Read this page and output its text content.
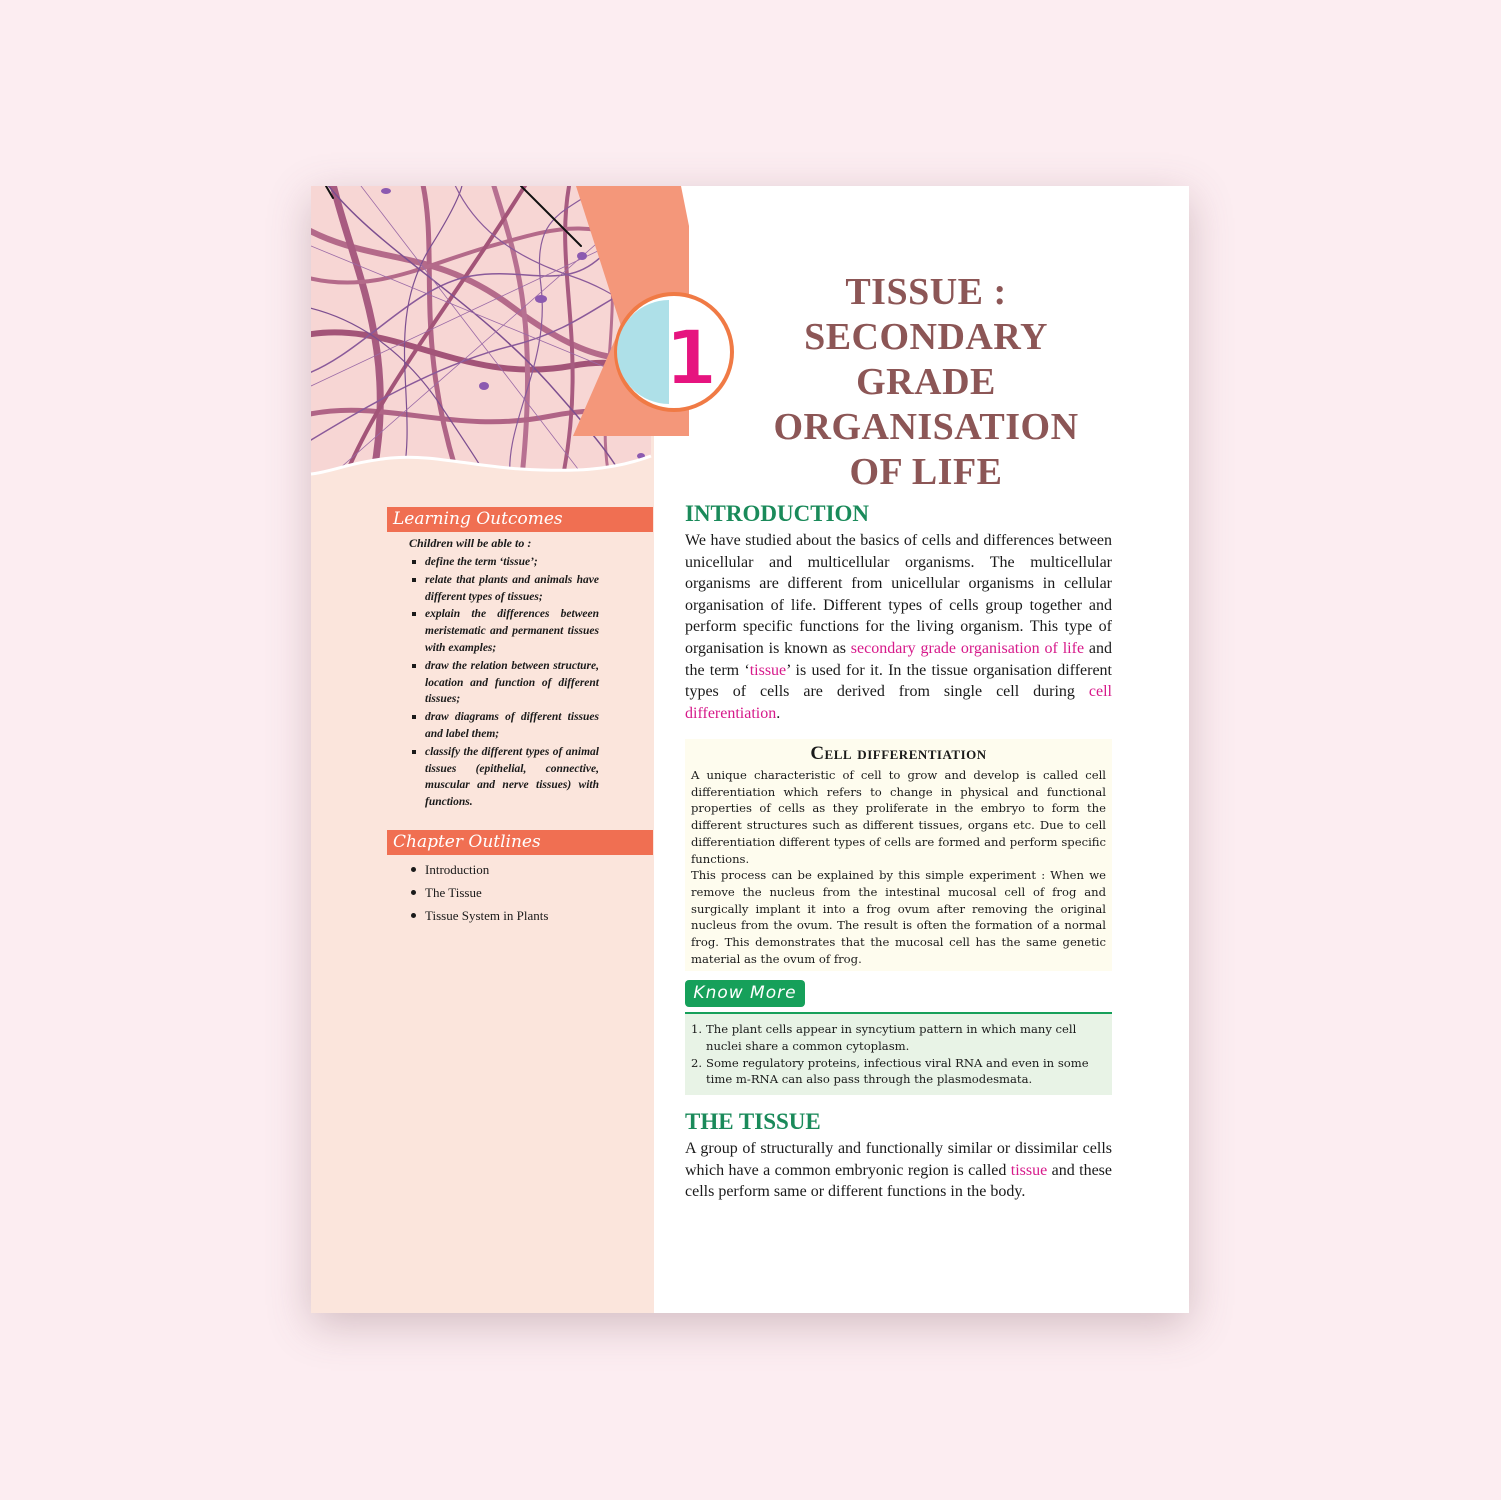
1
TISSUE :
SECONDARY
GRADE
ORGANISATION
OF LIFE
Learning Outcomes
Children will be able to :
define the term ‘tissue’;
relate that plants and animals have different types of tissues;
explain the differences between meristematic and permanent tissues with examples;
draw the relation between structure, location and function of different tissues;
draw diagrams of different tissues and label them;
classify the different types of animal tissues (epithelial, connective, muscular and nerve tissues) with functions.
Chapter Outlines
Introduction
The Tissue
Tissue System in Plants
INTRODUCTION

We have studied about the basics of cells and differences between unicellular and multicellular organisms. The multicellular organisms are different from unicellular organisms in cellular organisation of life. Different types of cells group together and perform specific functions for the living organism. This type of organisation is known as secondary grade organisation of life and the term ‘tissue’ is used for it. In the tissue organisation different types of cells are derived from single cell during cell differentiation.

Cell differentiation

A unique characteristic of cell to grow and develop is called cell differentiation which refers to change in physical and functional properties of cells as they proliferate in the embryo to form the different structures such as different tissues, organs etc. Due to cell differentiation different types of cells are formed and perform specific functions.

This process can be explained by this simple experiment : When we remove the nucleus from the intestinal mucosal cell of frog and surgically implant it into a frog ovum after removing the original nucleus from the ovum. The result is often the formation of a normal frog. This demonstrates that the mucosal cell has the same genetic material as the ovum of frog.

Know More
1. The plant cells appear in syncytium pattern in which many cell nuclei share a common cytoplasm.
2. Some regulatory proteins, infectious viral RNA and even in some time m-RNA can also pass through the plasmodesmata.
THE TISSUE

A group of structurally and functionally similar or dissimilar cells which have a common embryonic region is called tissue and these cells perform same or different functions in the body.
